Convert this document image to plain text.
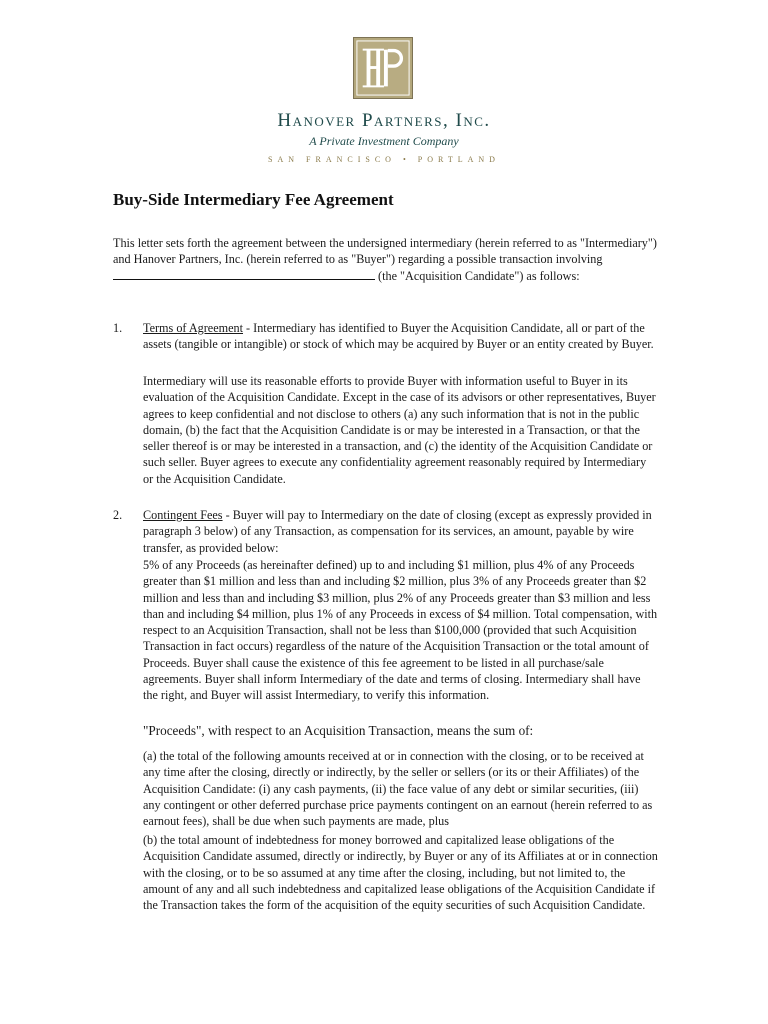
Hanover Partners, Inc.
A Private Investment Company
SAN FRANCISCO • PORTLAND
Buy-Side Intermediary Fee Agreement
This letter sets forth the agreement between the undersigned intermediary (herein referred to as "Intermediary") and Hanover Partners, Inc. (herein referred to as "Buyer") regarding a possible transaction involving  (the "Acquisition Candidate") as follows:
1. Terms of Agreement - Intermediary has identified to Buyer the Acquisition Candidate, all or part of the assets (tangible or intangible) or stock of which may be acquired by Buyer or an entity created by Buyer.
Intermediary will use its reasonable efforts to provide Buyer with information useful to Buyer in its evaluation of the Acquisition Candidate. Except in the case of its advisors or other representatives, Buyer agrees to keep confidential and not disclose to others (a) any such information that is not in the public domain, (b) the fact that the Acquisition Candidate is or may be interested in a Transaction, or that the seller thereof is or may be interested in a transaction, and (c) the identity of the Acquisition Candidate or such seller. Buyer agrees to execute any confidentiality agreement reasonably required by Intermediary or the Acquisition Candidate.
2. Contingent Fees - Buyer will pay to Intermediary on the date of closing (except as expressly provided in paragraph 3 below) of any Transaction, as compensation for its services, an amount, payable by wire transfer, as provided below:
5% of any Proceeds (as hereinafter defined) up to and including $1 million, plus 4% of any Proceeds greater than $1 million and less than and including $2 million, plus 3% of any Proceeds greater than $2 million and less than and including $3 million, plus 2% of any Proceeds greater than $3 million and less than and including $4 million, plus 1% of any Proceeds in excess of $4 million. Total compensation, with respect to an Acquisition Transaction, shall not be less than $100,000 (provided that such Acquisition Transaction in fact occurs) regardless of the nature of the Acquisition Transaction or the total amount of Proceeds. Buyer shall cause the existence of this fee agreement to be listed in all purchase/sale agreements. Buyer shall inform Intermediary of the date and terms of closing. Intermediary shall have the right, and Buyer will assist Intermediary, to verify this information.
"Proceeds", with respect to an Acquisition Transaction, means the sum of:
(a) the total of the following amounts received at or in connection with the closing, or to be received at any time after the closing, directly or indirectly, by the seller or sellers (or its or their Affiliates) of the Acquisition Candidate: (i) any cash payments, (ii) the face value of any debt or similar securities, (iii) any contingent or other deferred purchase price payments contingent on an earnout (herein referred to as earnout fees), shall be due when such payments are made, plus
(b) the total amount of indebtedness for money borrowed and capitalized lease obligations of the Acquisition Candidate assumed, directly or indirectly, by Buyer or any of its Affiliates at or in connection with the closing, or to be so assumed at any time after the closing, including, but not limited to, the amount of any and all such indebtedness and capitalized lease obligations of the Acquisition Candidate if the Transaction takes the form of the acquisition of the equity securities of such Acquisition Candidate.
